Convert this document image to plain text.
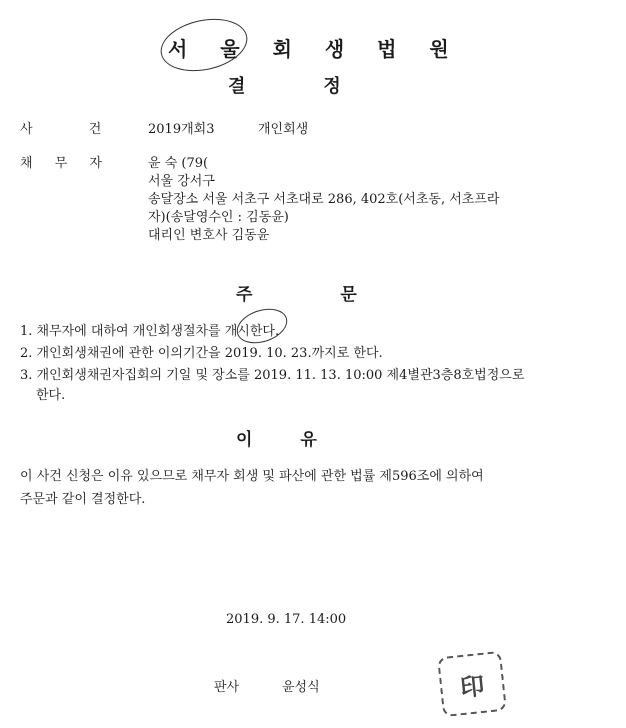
서 울 회 생 법 원
결정
사 건	2019개회3	개인회생
채 무 자	윤 숙 (79(
서울 강서구
송달장소 서울 서초구 서초대로 286, 402호(서초동, 서초프라
자)(송달영수인 : 김동윤)
대리인 변호사 김동윤
주문
1. 채무자에 대하여 개인회생절차를 개시한다.
2. 개인회생채권에 관한 이의기간을 2019. 10. 23.까지로 한다.
3. 개인회생채권자집회의 기일 및 장소를 2019. 11. 13. 10:00 제4별관3층8호법정으로
한다.
이유
이 사건 신청은 이유 있으므로 채무자 회생 및 파산에 관한 법률 제596조에 의하여
주문과 같이 결정한다.
2019. 9. 17. 14:00
판사	윤성식	印
